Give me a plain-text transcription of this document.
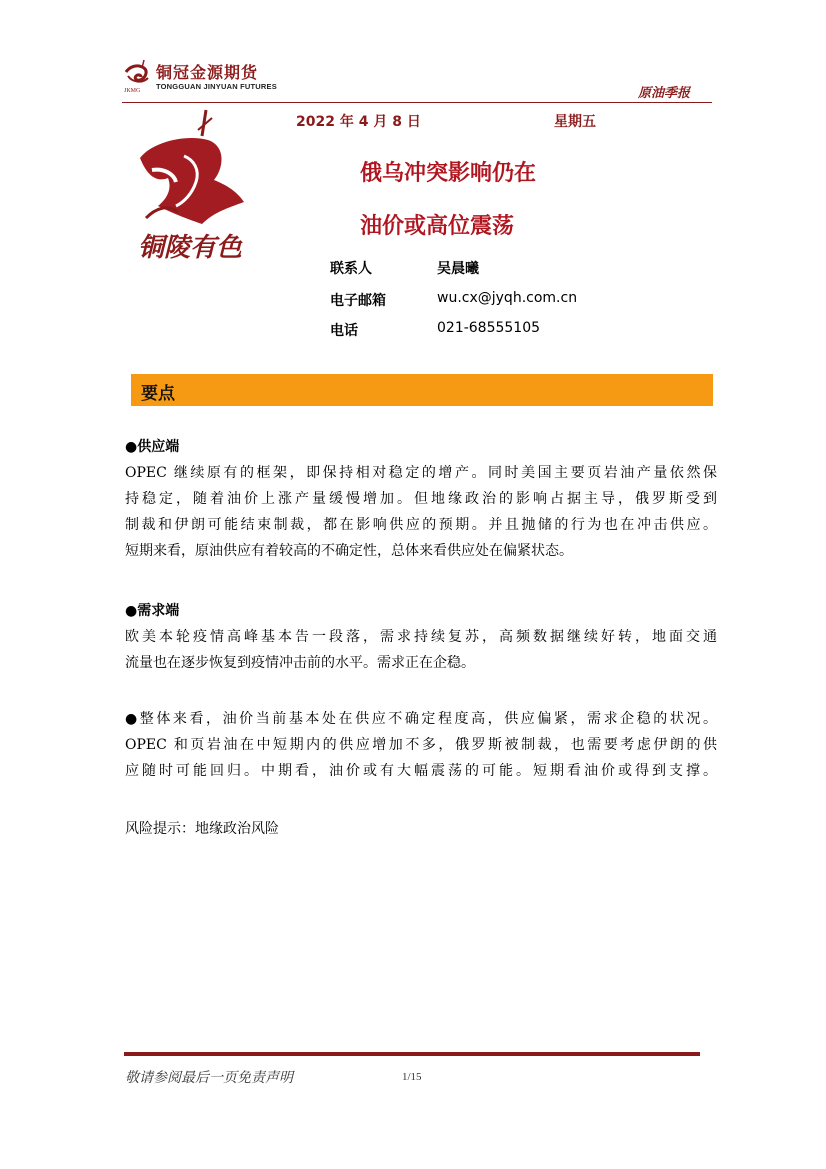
JKMG
铜冠金源期货
TONGGUAN JINYUAN FUTURES	原油季报
2022 年 4 月 8 日	星期五
铜陵有色
俄乌冲突影响仍在
油价或高位震荡
联系人	吴晨曦
电子邮箱	wu.cx@jyqh.com.cn
电话	021-68555105
要点
●供应端
OPEC 继续原有的框架，即保持相对稳定的增产。同时美国主要页岩油产量依然保
持稳定，随着油价上涨产量缓慢增加。但地缘政治的影响占据主导，俄罗斯受到
制裁和伊朗可能结束制裁，都在影响供应的预期。并且抛储的行为也在冲击供应。
短期来看，原油供应有着较高的不确定性，总体来看供应处在偏紧状态。
●需求端
欧美本轮疫情高峰基本告一段落，需求持续复苏，高频数据继续好转，地面交通
流量也在逐步恢复到疫情冲击前的水平。需求正在企稳。
●整体来看，油价当前基本处在供应不确定程度高，供应偏紧，需求企稳的状况。
OPEC 和页岩油在中短期内的供应增加不多，俄罗斯被制裁，也需要考虑伊朗的供
应随时可能回归。中期看，油价或有大幅震荡的可能。短期看油价或得到支撑。
风险提示：地缘政治风险
敬请参阅最后一页免责声明	1/15
